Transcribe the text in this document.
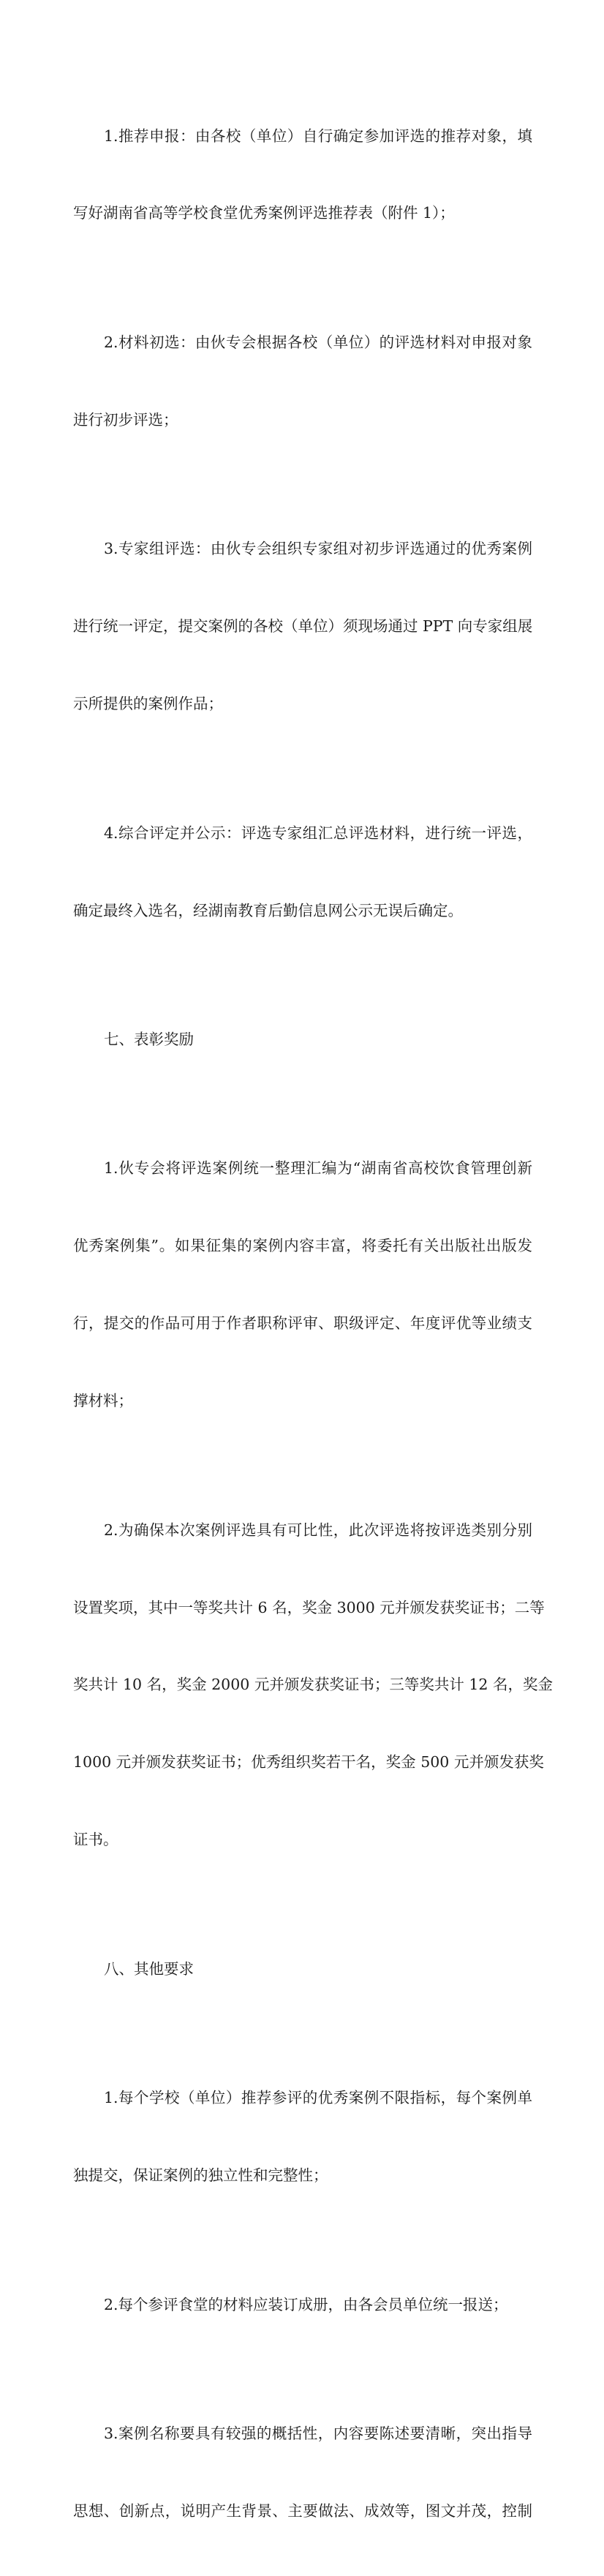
1.推荐申报：由各校（单位）自行确定参加评选的推荐对象，填

写好湖南省高等学校食堂优秀案例评选推荐表（附件 1）；

2.材料初选：由伙专会根据各校（单位）的评选材料对申报对象

进行初步评选；

3.专家组评选：由伙专会组织专家组对初步评选通过的优秀案例

进行统一评定，提交案例的各校（单位）须现场通过 PPT 向专家组展

示所提供的案例作品；

4.综合评定并公示：评选专家组汇总评选材料，进行统一评选，

确定最终入选名，经湖南教育后勤信息网公示无误后确定。

七、表彰奖励

1.伙专会将评选案例统一整理汇编为“湖南省高校饮食管理创新

优秀案例集”。如果征集的案例内容丰富，将委托有关出版社出版发

行，提交的作品可用于作者职称评审、职级评定、年度评优等业绩支

撑材料；

2.为确保本次案例评选具有可比性，此次评选将按评选类别分别

设置奖项，其中一等奖共计 6 名，奖金 3000 元并颁发获奖证书；二等

奖共计 10 名，奖金 2000 元并颁发获奖证书；三等奖共计 12 名，奖金

1000 元并颁发获奖证书；优秀组织奖若干名，奖金 500 元并颁发获奖

证书。

八、其他要求

1.每个学校（单位）推荐参评的优秀案例不限指标，每个案例单

独提交，保证案例的独立性和完整性；

2.每个参评食堂的材料应装订成册，由各会员单位统一报送；

3.案例名称要具有较强的概括性，内容要陈述要清晰，突出指导

思想、创新点，说明产生背景、主要做法、成效等，图文并茂，控制
